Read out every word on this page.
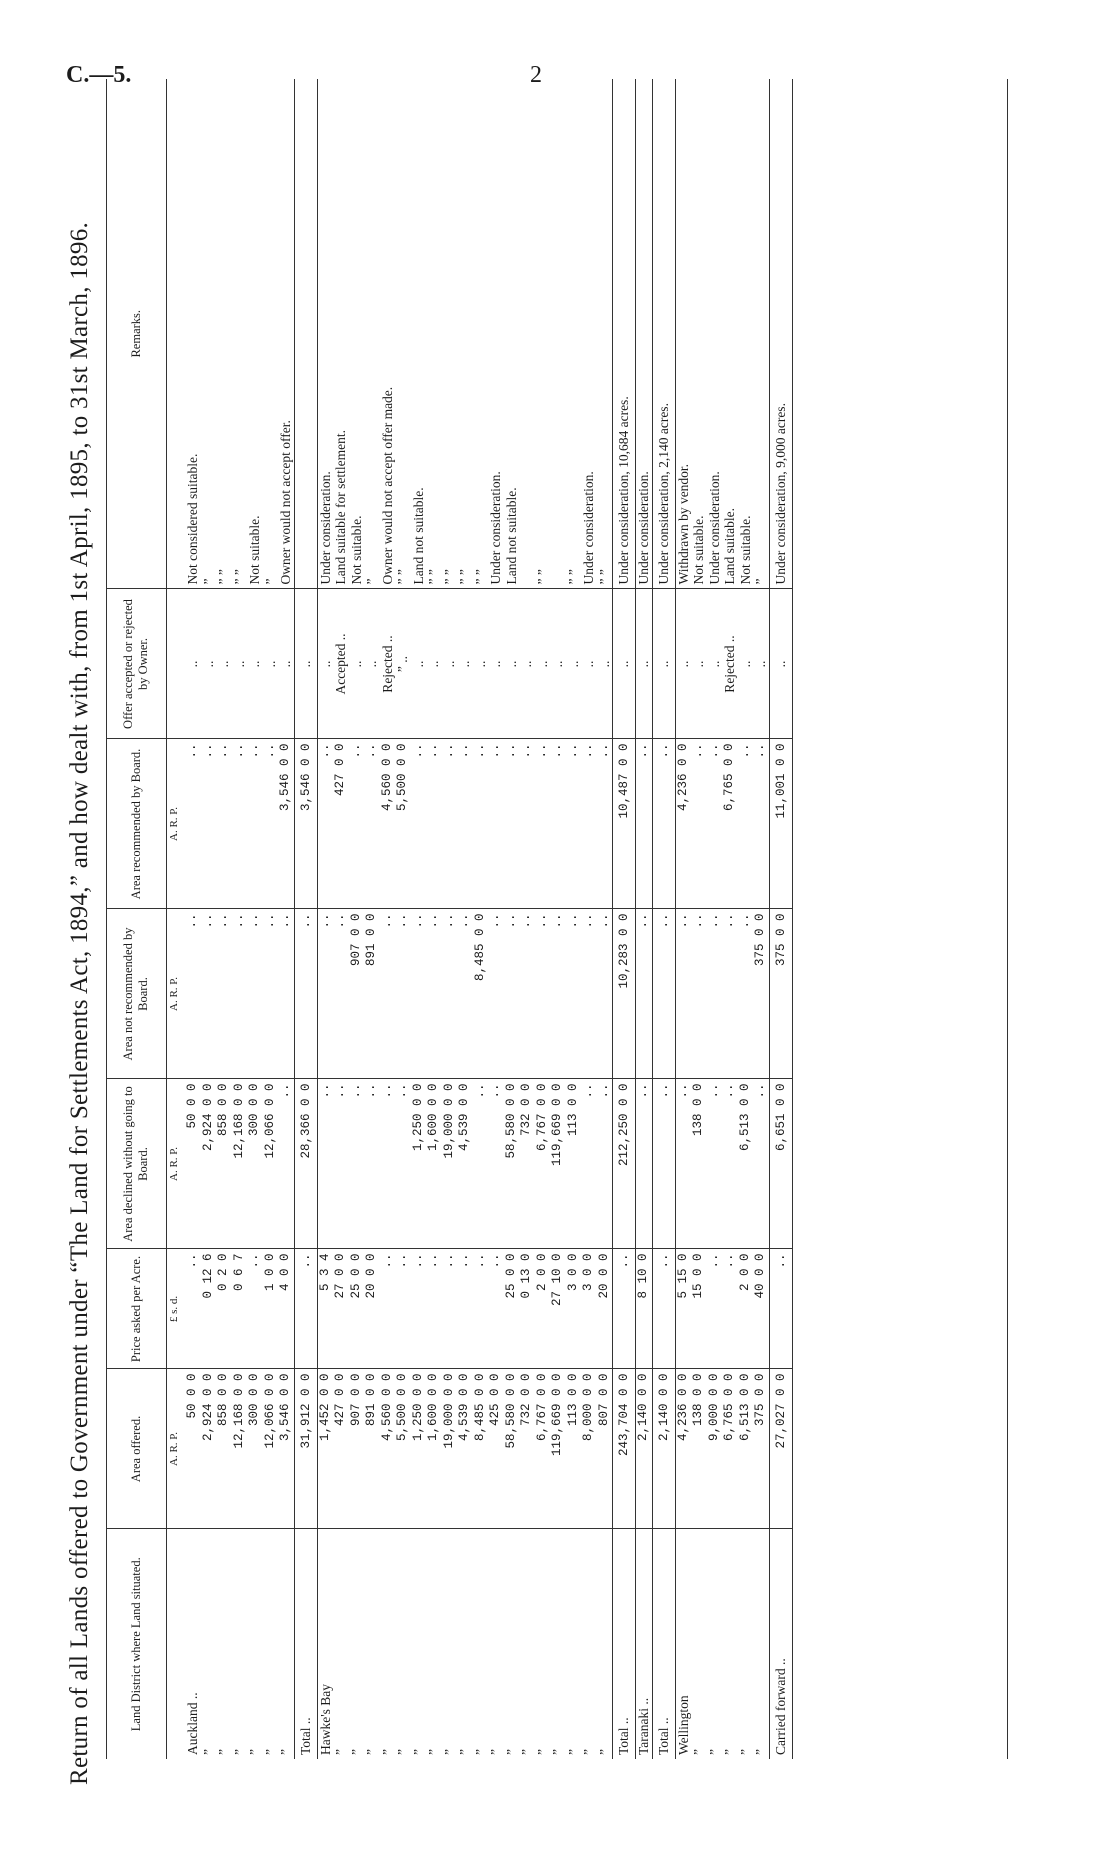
C.—5.	2
Return of all Lands offered to Government under “The Land for Settlements Act, 1894,” and how dealt with, from 1st April, 1895, to 31st March, 1896.
Land District where Land situated.	Area offered.	Price asked per Acre.	Area declined without going to Board.	Area not recommended by Board.	Area recommended by Board.	Offer accepted or rejected by Owner.	Remarks.
	A. R. P.	£ s. d.	A. R. P.	A. R. P.	A. R. P.		
Auckland ..	50 0 0	..	50 0 0	..	..	..	Not considered suitable.
”	2,924 0 0	0 12 6	2,924 0 0	..	..	..	”
”	858 0 0	0 2 0	858 0 0	..	..	..	” ”
”	12,168 0 0	0 6 7	12,168 0 0	..	..	..	” ”
”	300 0 0	..	300 0 0	..	..	..	Not suitable.
”	12,066 0 0	1 0 0	12,066 0 0	..	..	..	”
”	3,546 0 0	4 0 0	..	..	3,546 0 0	..	Owner would not accept offer.
Total ..	31,912 0 0	..	28,366 0 0	..	3,546 0 0	..	
Hawke's Bay	1,452 0 0	5 3 4	..	..	..	..	Under consideration.
”	427 0 0	27 0 0	..	..	427 0 0	Accepted ..	Land suitable for settlement.
”	907 0 0	25 0 0	..	907 0 0	..	..	Not suitable.
”	891 0 0	20 0 0	..	891 0 0	..	..	”
”	4,560 0 0	..	..	..	4,560 0 0	Rejected ..	Owner would not accept offer made.
”	5,500 0 0	..	..	..	5,500 0 0	” ..	” ”
”	1,250 0 0	..	1,250 0 0	..	..	..	Land not suitable.
”	1,600 0 0	..	1,600 0 0	..	..	..	” ”
”	19,000 0 0	..	19,000 0 0	..	..	..	” ”
”	4,539 0 0	..	4,539 0 0	..	..	..	” ”
”	8,485 0 0	..	..	8,485 0 0	..	..	” ”
”	425 0 0	..	..	..	..	..	Under consideration.
”	58,580 0 0	25 0 0	58,580 0 0	..	..	..	Land not suitable.
”	732 0 0	0 13 0	732 0 0	..	..	..	
”	6,767 0 0	2 0 0	6,767 0 0	..	..	..	” ”
”	119,669 0 0	27 10 0	119,669 0 0	..	..	..	
”	113 0 0	3 0 0	113 0 0	..	..	..	” ”
”	8,000 0 0	3 0 0	..	..	..	..	Under consideration.
”	807 0 0	20 0 0	..	..	..	..	” ”
Total ..	243,704 0 0	..	212,250 0 0	10,283 0 0	10,487 0 0	..	Under consideration, 10,684 acres.
Taranaki ..	2,140 0 0	8 10 0	..	..	..	..	Under consideration.
Total ..	2,140 0 0	..	..	..	..	..	Under consideration, 2,140 acres.
Wellington	4,236 0 0	5 15 0	..	..	4,236 0 0	..	Withdrawn by vendor.
”	138 0 0	15 0 0	138 0 0	..	..	..	Not suitable.
”	9,000 0 0	..	..	..	..	..	Under consideration.
”	6,765 0 0	..	..	..	6,765 0 0	Rejected ..	Land suitable.
”	6,513 0 0	2 0 0	6,513 0 0	..	..	..	Not suitable.
”	375 0 0	40 0 0	..	375 0 0	..	..	”
Carried forward ..	27,027 0 0	..	6,651 0 0	375 0 0	11,001 0 0	..	Under consideration, 9,000 acres.
